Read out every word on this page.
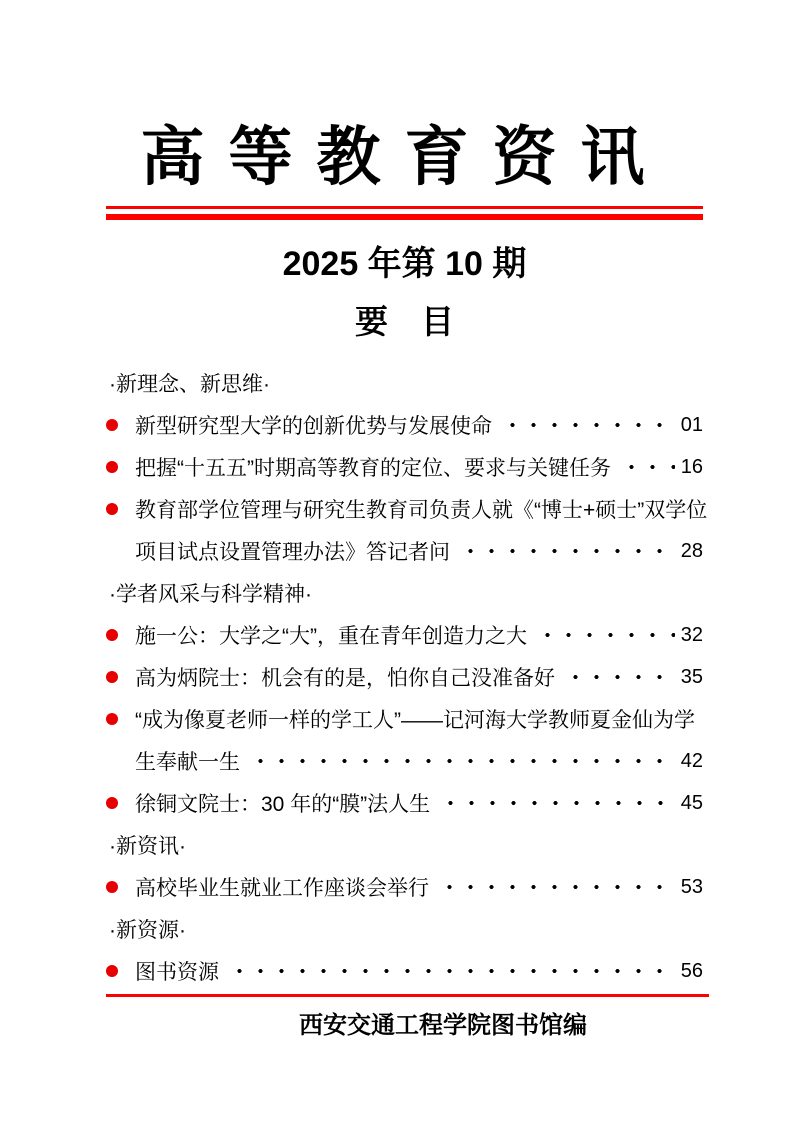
高等教育资讯
2025 年第 10 期
要　目
·新理念、新思维·
新型研究型大学的创新优势与发展使命	01
把握“十五五”时期高等教育的定位、要求与关键任务	16
教育部学位管理与研究生教育司负责人就《“博士+硕士”双学位
项目试点设置管理办法》答记者问	28
·学者风采与科学精神·
施一公：大学之“大”，重在青年创造力之大	32
高为炳院士：机会有的是，怕你自己没准备好	35
“成为像夏老师一样的学工人”——记河海大学教师夏金仙为学
生奉献一生	42
徐铜文院士：30 年的“膜”法人生	45
·新资讯·
高校毕业生就业工作座谈会举行	53
·新资源·
图书资源	56
西安交通工程学院图书馆编
